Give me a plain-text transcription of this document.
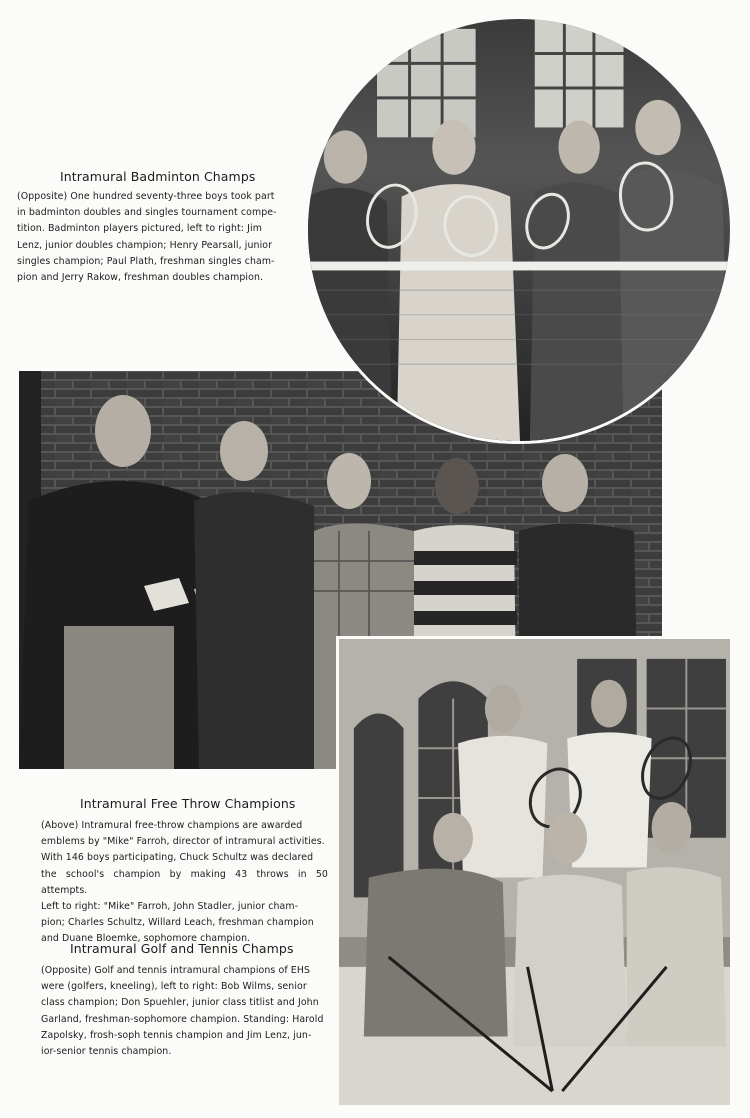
Intramural Badminton Champs
(Opposite) One hundred seventy-three boys took part
in badminton doubles and singles tournament compe-
tition. Badminton players pictured, left to right: Jim
Lenz, junior doubles champion; Henry Pearsall, junior
singles champion; Paul Plath, freshman singles cham-
pion and Jerry Rakow, freshman doubles champion.
Intramural Free Throw Champions
(Above) Intramural free-throw champions are awarded
emblems by "Mike" Farroh, director of intramural activities.
With 146 boys participating, Chuck Schultz was declared
the school's champion by making 43 throws in 50 attempts.
Left to right: "Mike" Farroh, John Stadler, junior cham-
pion; Charles Schultz, Willard Leach, freshman champion
and Duane Bloemke, sophomore champion.
Intramural Golf and Tennis Champs
(Opposite) Golf and tennis intramural champions of EHS
were (golfers, kneeling), left to right: Bob Wilms, senior
class champion; Don Spuehler, junior class titlist and John
Garland, freshman-sophomore champion. Standing: Harold
Zapolsky, frosh-soph tennis champion and Jim Lenz, jun-
ior-senior tennis champion.
